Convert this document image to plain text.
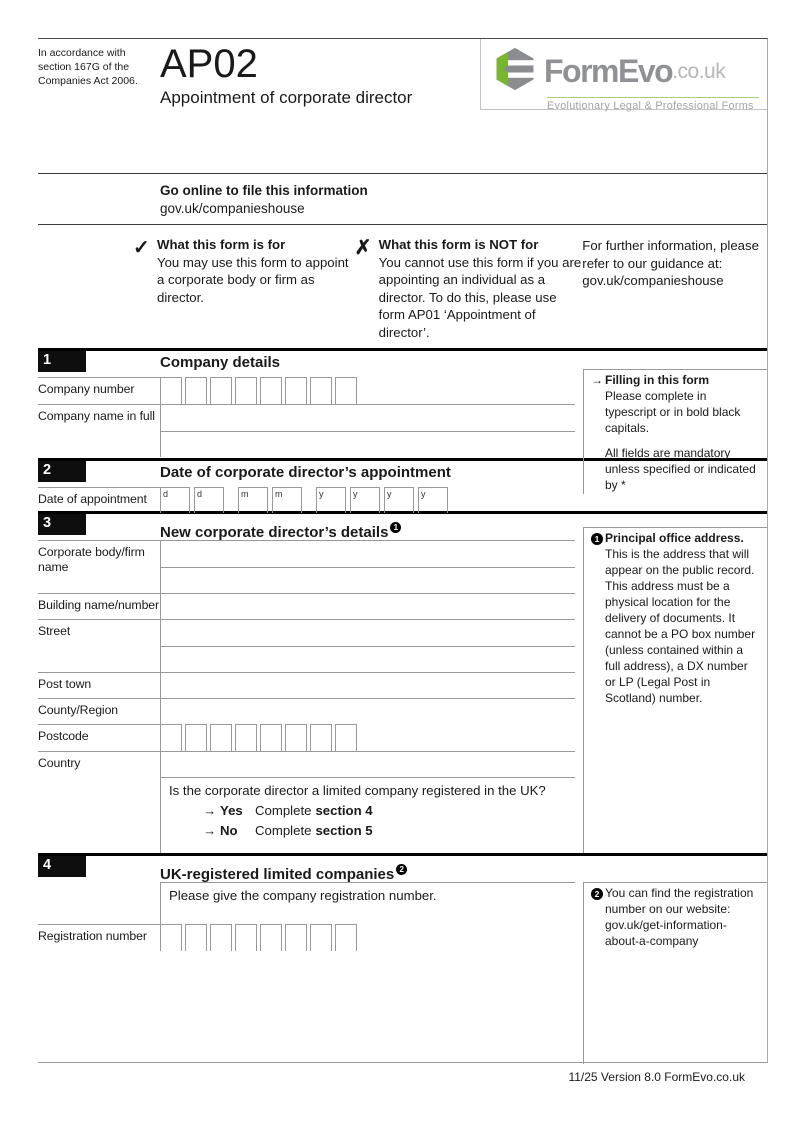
In accordance with section 167G of the Companies Act 2006. AP02
Appointment of corporate director
FormEvo .co.uk
Evolutionary Legal & Professional Forms
Go online to file this information
gov.uk/companieshouse
✓ What this form is for
You may use this form to appoint a corporate body or firm as director.
✗ What this form is NOT for
You cannot use this form if you are appointing an individual as a director. To do this, please use form AP01 ‘Appointment of director’.
For further information, please refer to our guidance at: gov.uk/companieshouse
1	Company details
Company number
Company name in full
→ Filling in this form

Please complete in typescript or in bold black capitals.

All fields are mandatory unless specified or indicated by *

2	Date of corporate director’s appointment
Date of appointment	d	d	m	m	y	y	y	y
3
New corporate director’s details 1
Corporate body/firm name
Building name/number
Street
Post town
County/Region
Postcode
Country
Is the corporate director a limited company registered in the UK?
→ Yes Complete section 4
→ No	Complete section 5
1 Principal office address.

This is the address that will appear on the public record. This address must be a physical location for the delivery of documents. It cannot be a PO box number (unless contained within a full address), a DX number or LP (Legal Post in Scotland) number.

4
UK-registered limited companies 2
Please give the company registration number.
Registration number
2 You can find the registration number on our website: gov.uk/get-information-about-a-company
11/25 Version 8.0 FormEvo.co.uk
